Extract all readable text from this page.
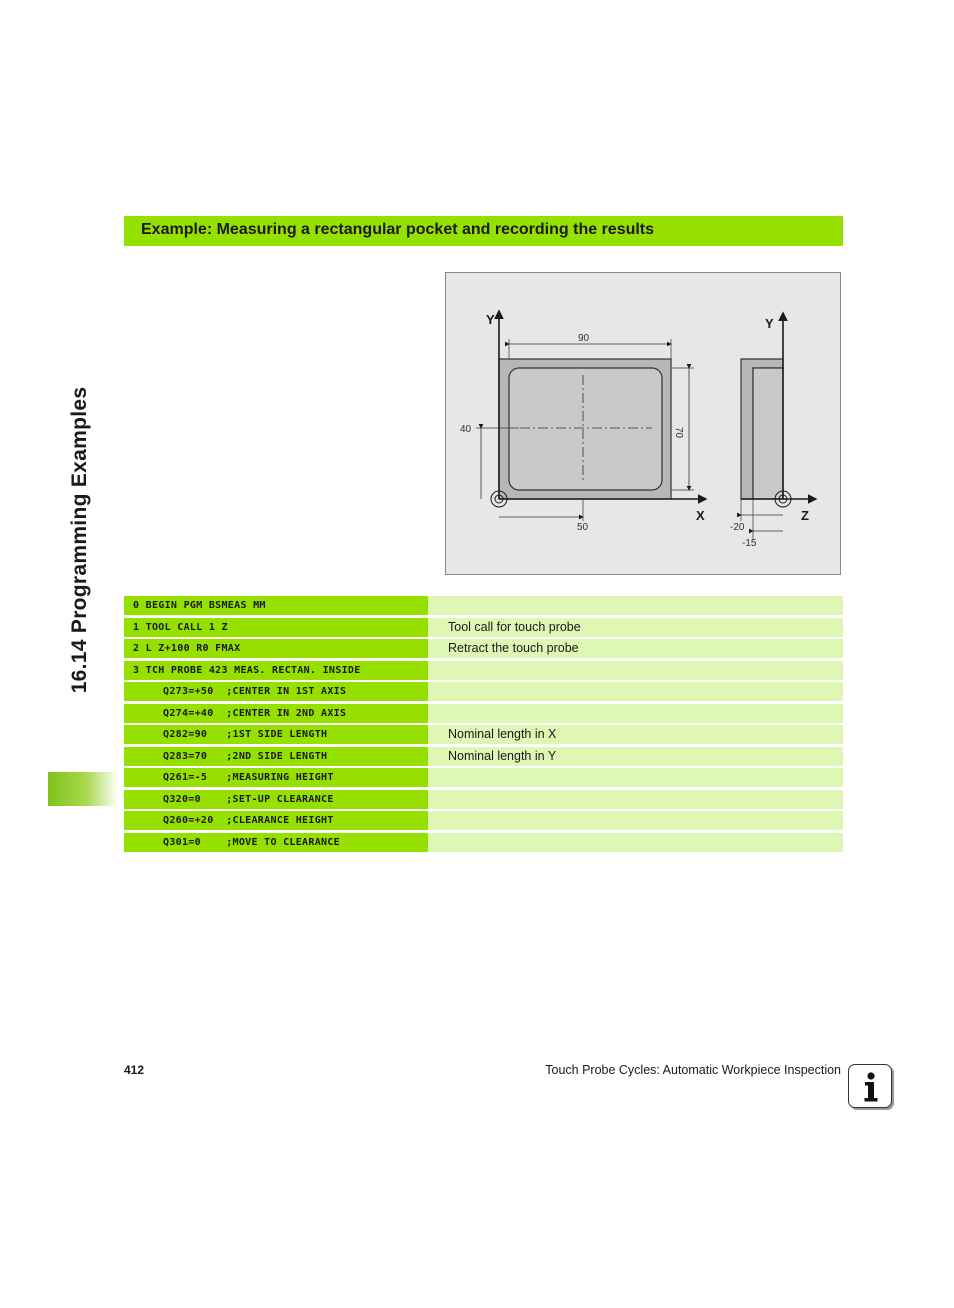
16.14 Programming Examples
Example: Measuring a rectangular pocket and recording the results
Y
X
90
70
40
50
Y
Z
-20
-15
0 BEGIN PGM BSMEAS MM
1 TOOL CALL 1 Z	Tool call for touch probe
2 L Z+100 R0 FMAX	Retract the touch probe
3 TCH PROBE 423 MEAS. RECTAN. INSIDE
Q273=+50  ;CENTER IN 1ST AXIS
Q274=+40  ;CENTER IN 2ND AXIS
Q282=90   ;1ST SIDE LENGTH	Nominal length in X
Q283=70   ;2ND SIDE LENGTH	Nominal length in Y
Q261=-5   ;MEASURING HEIGHT
Q320=0    ;SET-UP CLEARANCE
Q260=+20  ;CLEARANCE HEIGHT
Q301=0    ;MOVE TO CLEARANCE
412	Touch Probe Cycles: Automatic Workpiece Inspection
